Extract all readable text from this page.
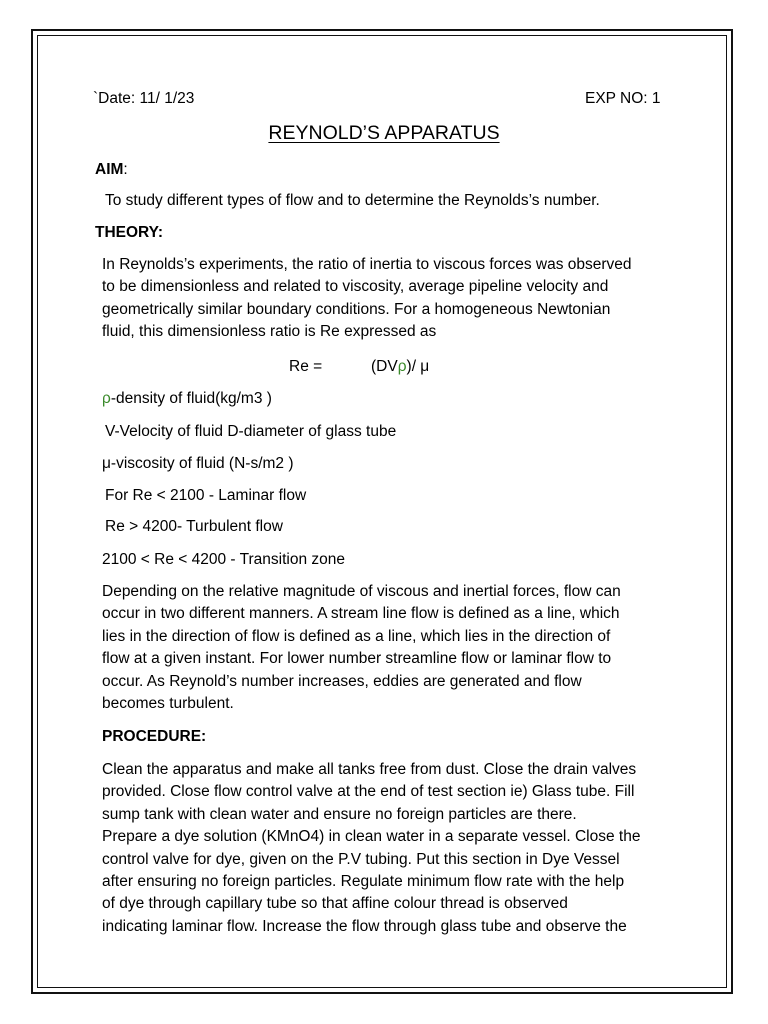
`Date: 11/ 1/23	EXP NO: 1
REYNOLD’S APPARATUS
AIM:
To study different types of flow and to determine the Reynolds’s number.
THEORY:
In Reynolds’s experiments, the ratio of inertia to viscous forces was observed
to be dimensionless and related to viscosity, average pipeline velocity and
geometrically similar boundary conditions. For a homogeneous Newtonian
fluid, this dimensionless ratio is Re expressed as
Re =	(DVρ)/ μ
ρ-density of fluid(kg/m3 )
V-Velocity of fluid D-diameter of glass tube
μ-viscosity of fluid (N-s/m2 )
For Re < 2100 - Laminar flow
Re > 4200- Turbulent flow
2100 < Re < 4200 - Transition zone
Depending on the relative magnitude of viscous and inertial forces, flow can
occur in two different manners. A stream line flow is defined as a line, which
lies in the direction of flow is defined as a line, which lies in the direction of
flow at a given instant. For lower number streamline flow or laminar flow to
occur. As Reynold’s number increases, eddies are generated and flow
becomes turbulent.
PROCEDURE:
Clean the apparatus and make all tanks free from dust. Close the drain valves
provided. Close flow control valve at the end of test section ie) Glass tube. Fill
sump tank with clean water and ensure no foreign particles are there.
Prepare a dye solution (KMnO4) in clean water in a separate vessel. Close the
control valve for dye, given on the P.V tubing. Put this section in Dye Vessel
after ensuring no foreign particles. Regulate minimum flow rate with the help
of dye through capillary tube so that affine colour thread is observed
indicating laminar flow. Increase the flow through glass tube and observe the
